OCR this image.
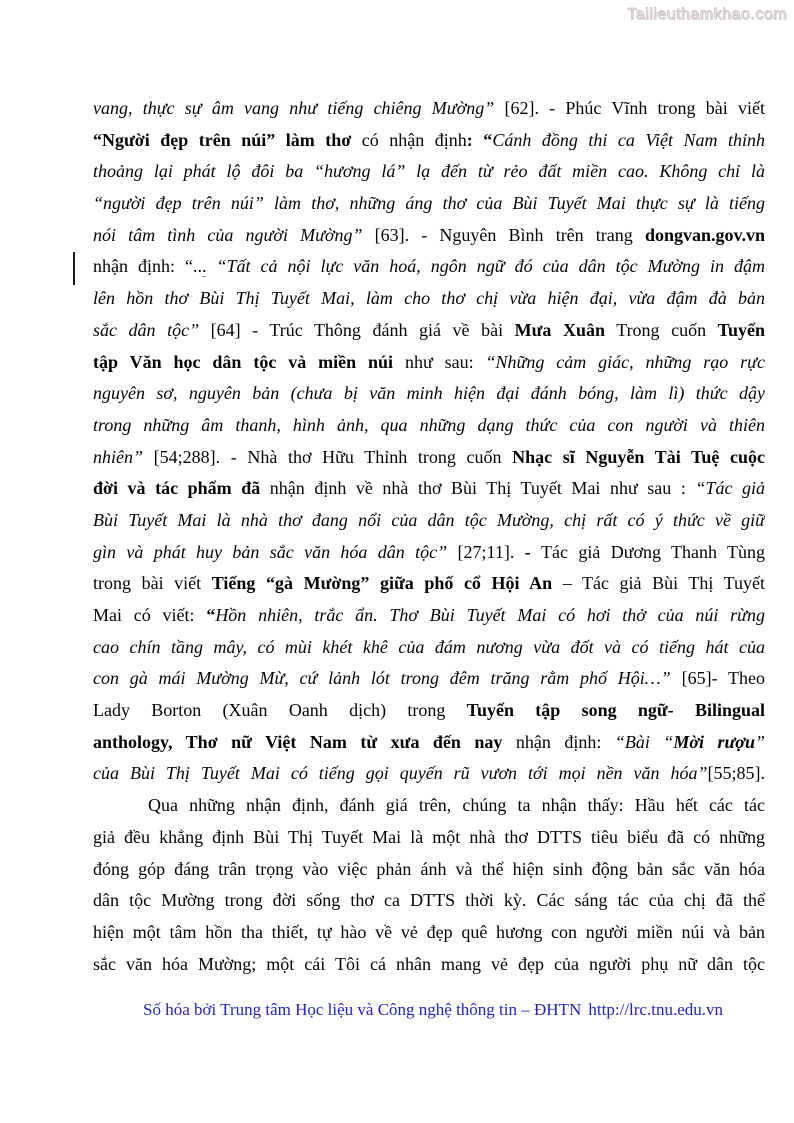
Tailieuthamkhao.com
vang, thực sự âm vang như tiếng chiêng Mường” [62]. - Phúc Vĩnh trong bài viết
“Người đẹp trên núi” làm thơ có nhận định: “Cánh đồng thi ca Việt Nam thỉnh
thoảng lại phát lộ đôi ba “hương lá” lạ đến từ rẻo đất miền cao. Không chỉ là
“người đẹp trên núi” làm thơ, những áng thơ của Bùi Tuyết Mai thực sự là tiếng
nói tâm tình của người Mường” [63]. - Nguyên Bình trên trang dongvan.gov.vn
nhận định: “... “Tất cả nội lực văn hoá, ngôn ngữ đó của dân tộc Mường in đậm
lên hồn thơ Bùi Thị Tuyết Mai, làm cho thơ chị vừa hiện đại, vừa đậm đà bản
sắc dân tộc” [64] - Trúc Thông đánh giá về bài Mưa Xuân Trong cuốn Tuyển
tập Văn học dân tộc và miền núi như sau: “Những cảm giác, những rạo rực
nguyên sơ, nguyên bản (chưa bị văn minh hiện đại đánh bóng, làm lì) thức dậy
trong những âm thanh, hình ảnh, qua những dạng thức của con người và thiên
nhiên” [54;288]. - Nhà thơ Hữu Thỉnh trong cuốn Nhạc sĩ Nguyễn Tài Tuệ cuộc
đời và tác phẩm đã nhận định về nhà thơ Bùi Thị Tuyết Mai như sau : “Tác giả
Bùi Tuyết Mai là nhà thơ đang nổi của dân tộc Mường, chị rất có ý thức về giữ
gìn và phát huy bản sắc văn hóa dân tộc” [27;11]. - Tác giả Dương Thanh Tùng
trong bài viết Tiếng “gà Mường” giữa phố cổ Hội An – Tác giả Bùi Thị Tuyết
Mai có viết: “Hồn nhiên, trắc ẩn. Thơ Bùi Tuyết Mai có hơi thở của núi rừng
cao chín tầng mây, có mùi khét khê của đám nương vừa đốt và có tiếng hát của
con gà mái Mường Mừ, cứ lảnh lót trong đêm trăng rằm phố Hội…” [65]- Theo
Lady Borton (Xuân Oanh dịch) trong Tuyển tập song ngữ- Bilingual
anthology, Thơ nữ Việt Nam từ xưa đến nay nhận định: “Bài “Mời rượu”
của Bùi Thị Tuyết Mai có tiếng gọi quyến rũ vươn tới mọi nền văn hóa”[55;85].
Qua những nhận định, đánh giá trên, chúng ta nhận thấy: Hầu hết các tác
giả đều khẳng định Bùi Thị Tuyết Mai là một nhà thơ DTTS tiêu biểu đã có những
đóng góp đáng trân trọng vào việc phản ánh và thể hiện sinh động bản sắc văn hóa
dân tộc Mường trong đời sống thơ ca DTTS thời kỳ. Các sáng tác của chị đã thể
hiện một tâm hồn tha thiết, tự hào về vẻ đẹp quê hương con người miền núi và bản
sắc văn hóa Mường; một cái Tôi cá nhân mang vẻ đẹp của người phụ nữ dân tộc
Số hóa bởi Trung tâm Học liệu và Công nghệ thông tin – ĐHTN http://lrc.tnu.edu.vn
